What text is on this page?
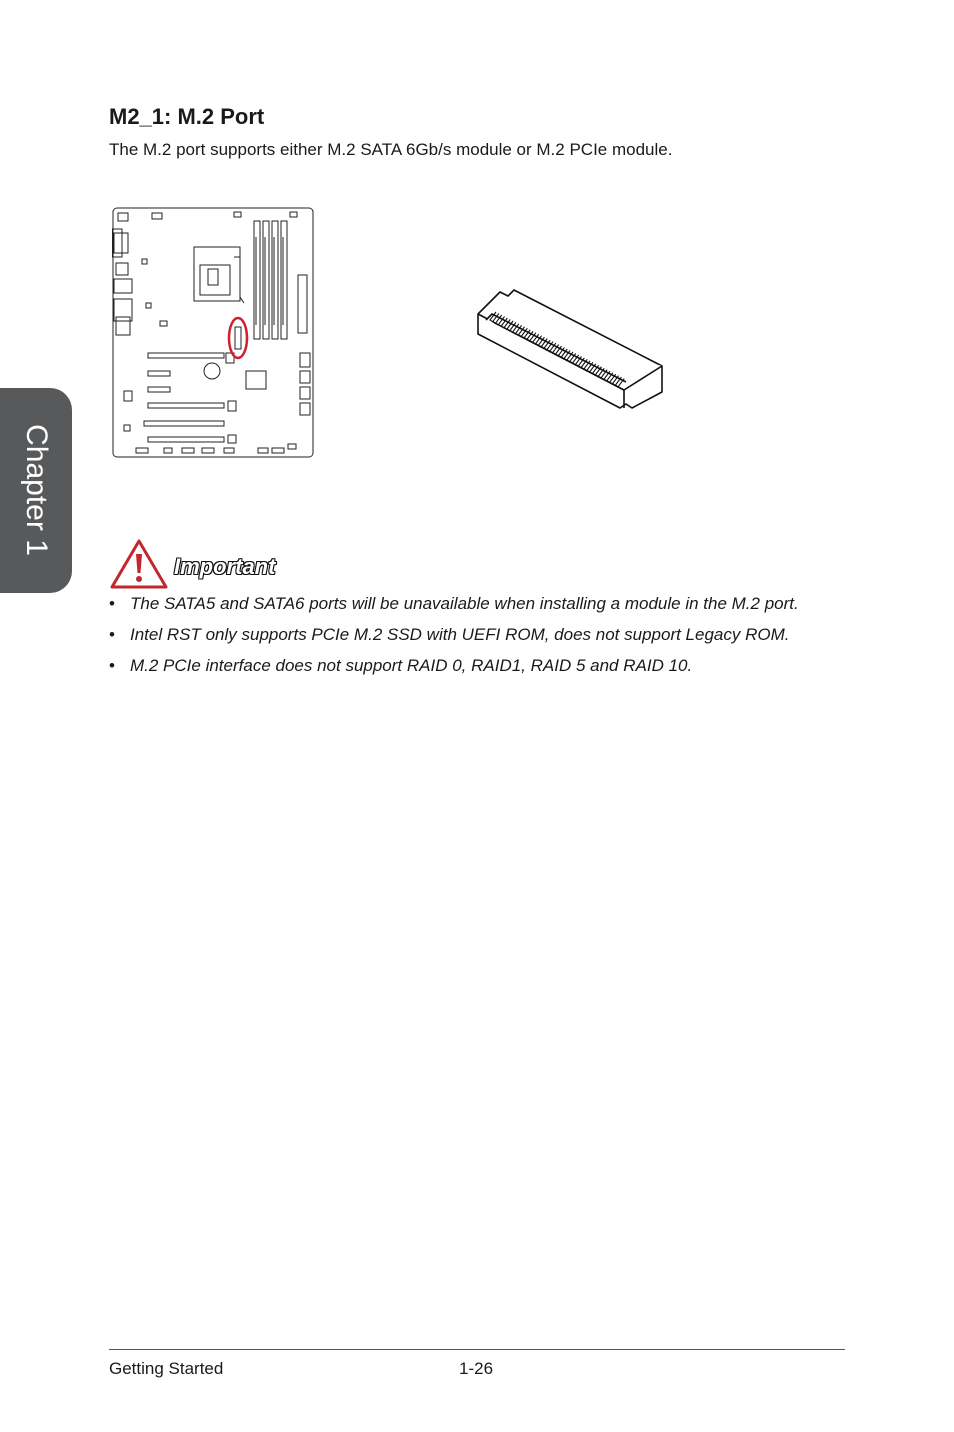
Chapter 1
M2_1: M.2 Port

The M.2 port supports either M.2 SATA 6Gb/s module or M.2 PCIe module.

Important
• The SATA5 and SATA6 ports will be unavailable when installing a module in the M.2 port.
• Intel RST only supports PCIe M.2 SSD with UEFI ROM, does not support Legacy ROM.
• M.2 PCIe interface does not support RAID 0, RAID1, RAID 5 and RAID 10.
Getting Started	1-26
